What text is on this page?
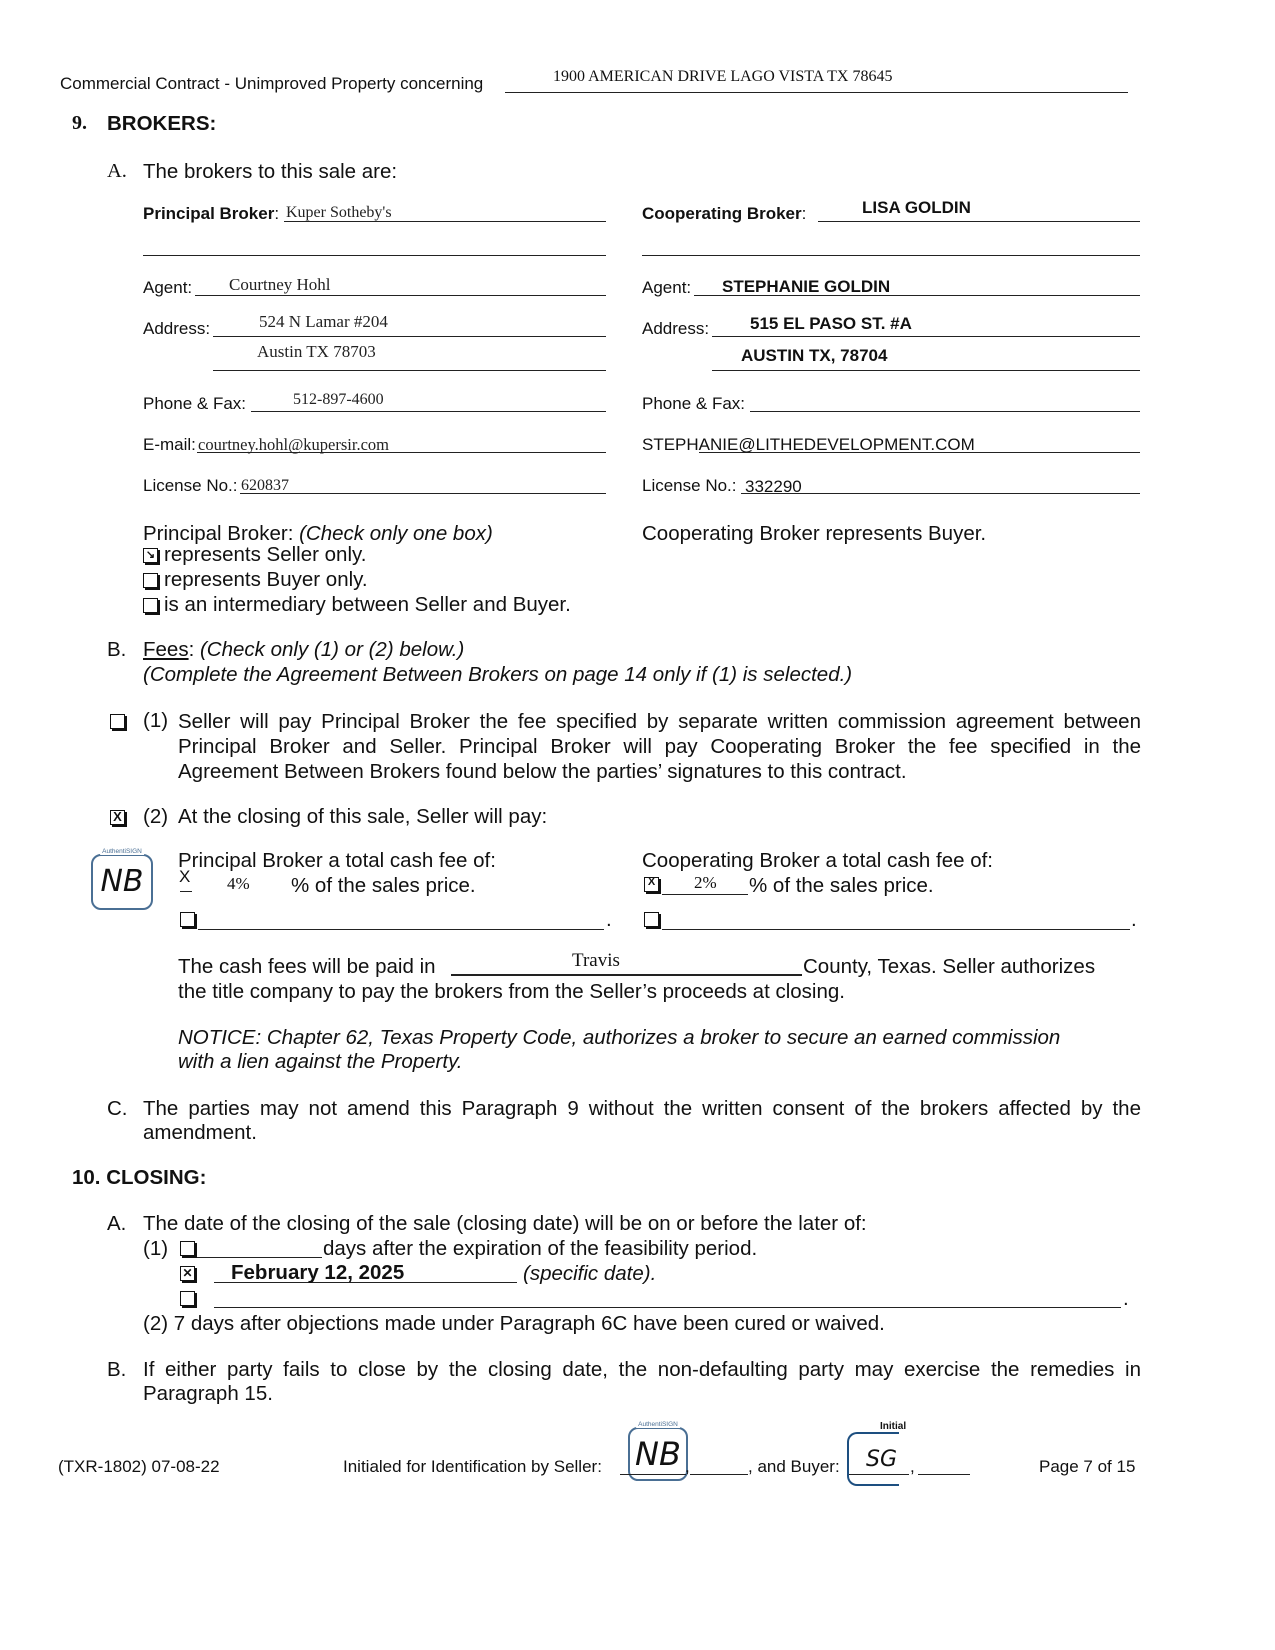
Commercial Contract - Unimproved Property concerning	1900 AMERICAN DRIVE LAGO VISTA TX 78645
9. BROKERS:
A. The brokers to this sale are:
Principal Broker: Kuper Sotheby's
Agent: Courtney Hohl
Address:	524 N Lamar #204
Austin TX 78703
Phone & Fax:	512-897-4600
E-mail: courtney.hohl@kupersir.com
License No.: 620837
Principal Broker: (Check only one box)
↘ represents Seller only.
represents Buyer only.
is an intermediary between Seller and Buyer.
Cooperating Broker:	LISA GOLDIN
Agent: STEPHANIE GOLDIN
Address: 515 EL PASO ST. #A
AUSTIN TX, 78704
Phone & Fax:
STEPHANIE@LITHEDEVELOPMENT.COM
License No.: 332290
Cooperating Broker represents Buyer.
B. Fees: (Check only (1) or (2) below.)
(Complete the Agreement Between Brokers on page 14 only if (1) is selected.)
(1) Seller will pay Principal Broker the fee specified by separate written commission agreement between
Principal Broker and Seller. Principal Broker will pay Cooperating Broker the fee specified in the
Agreement Between Brokers found below the parties’ signatures to this contract.
X (2) At the closing of this sale, Seller will pay:
AuthentiSIGN
NB
Principal Broker a total cash fee of:
X 4% % of the sales price.
Cooperating Broker a total cash fee of:
X 2% % of the sales price.
.	.
The cash fees will be paid in	Travis	County, Texas. Seller authorizes
the title company to pay the brokers from the Seller’s proceeds at closing.
NOTICE: Chapter 62, Texas Property Code, authorizes a broker to secure an earned commission
with a lien against the Property.
C. The parties may not amend this Paragraph 9 without the written consent of the brokers affected by the
amendment.
10. CLOSING:
A. The date of the closing of the sale (closing date) will be on or before the later of:
(1)	days after the expiration of the feasibility period.
✕ February 12, 2025	(specific date).
.
(2) 7 days after objections made under Paragraph 6C have been cured or waived.
B. If either party fails to close by the closing date, the non-defaulting party may exercise the remedies in
Paragraph 15.
(TXR-1802) 07-08-22	Initialed for Identification by Seller:
AuthentiSIGN
NB ,	, and Buyer:
Initial
SG ,	Page 7 of 15
